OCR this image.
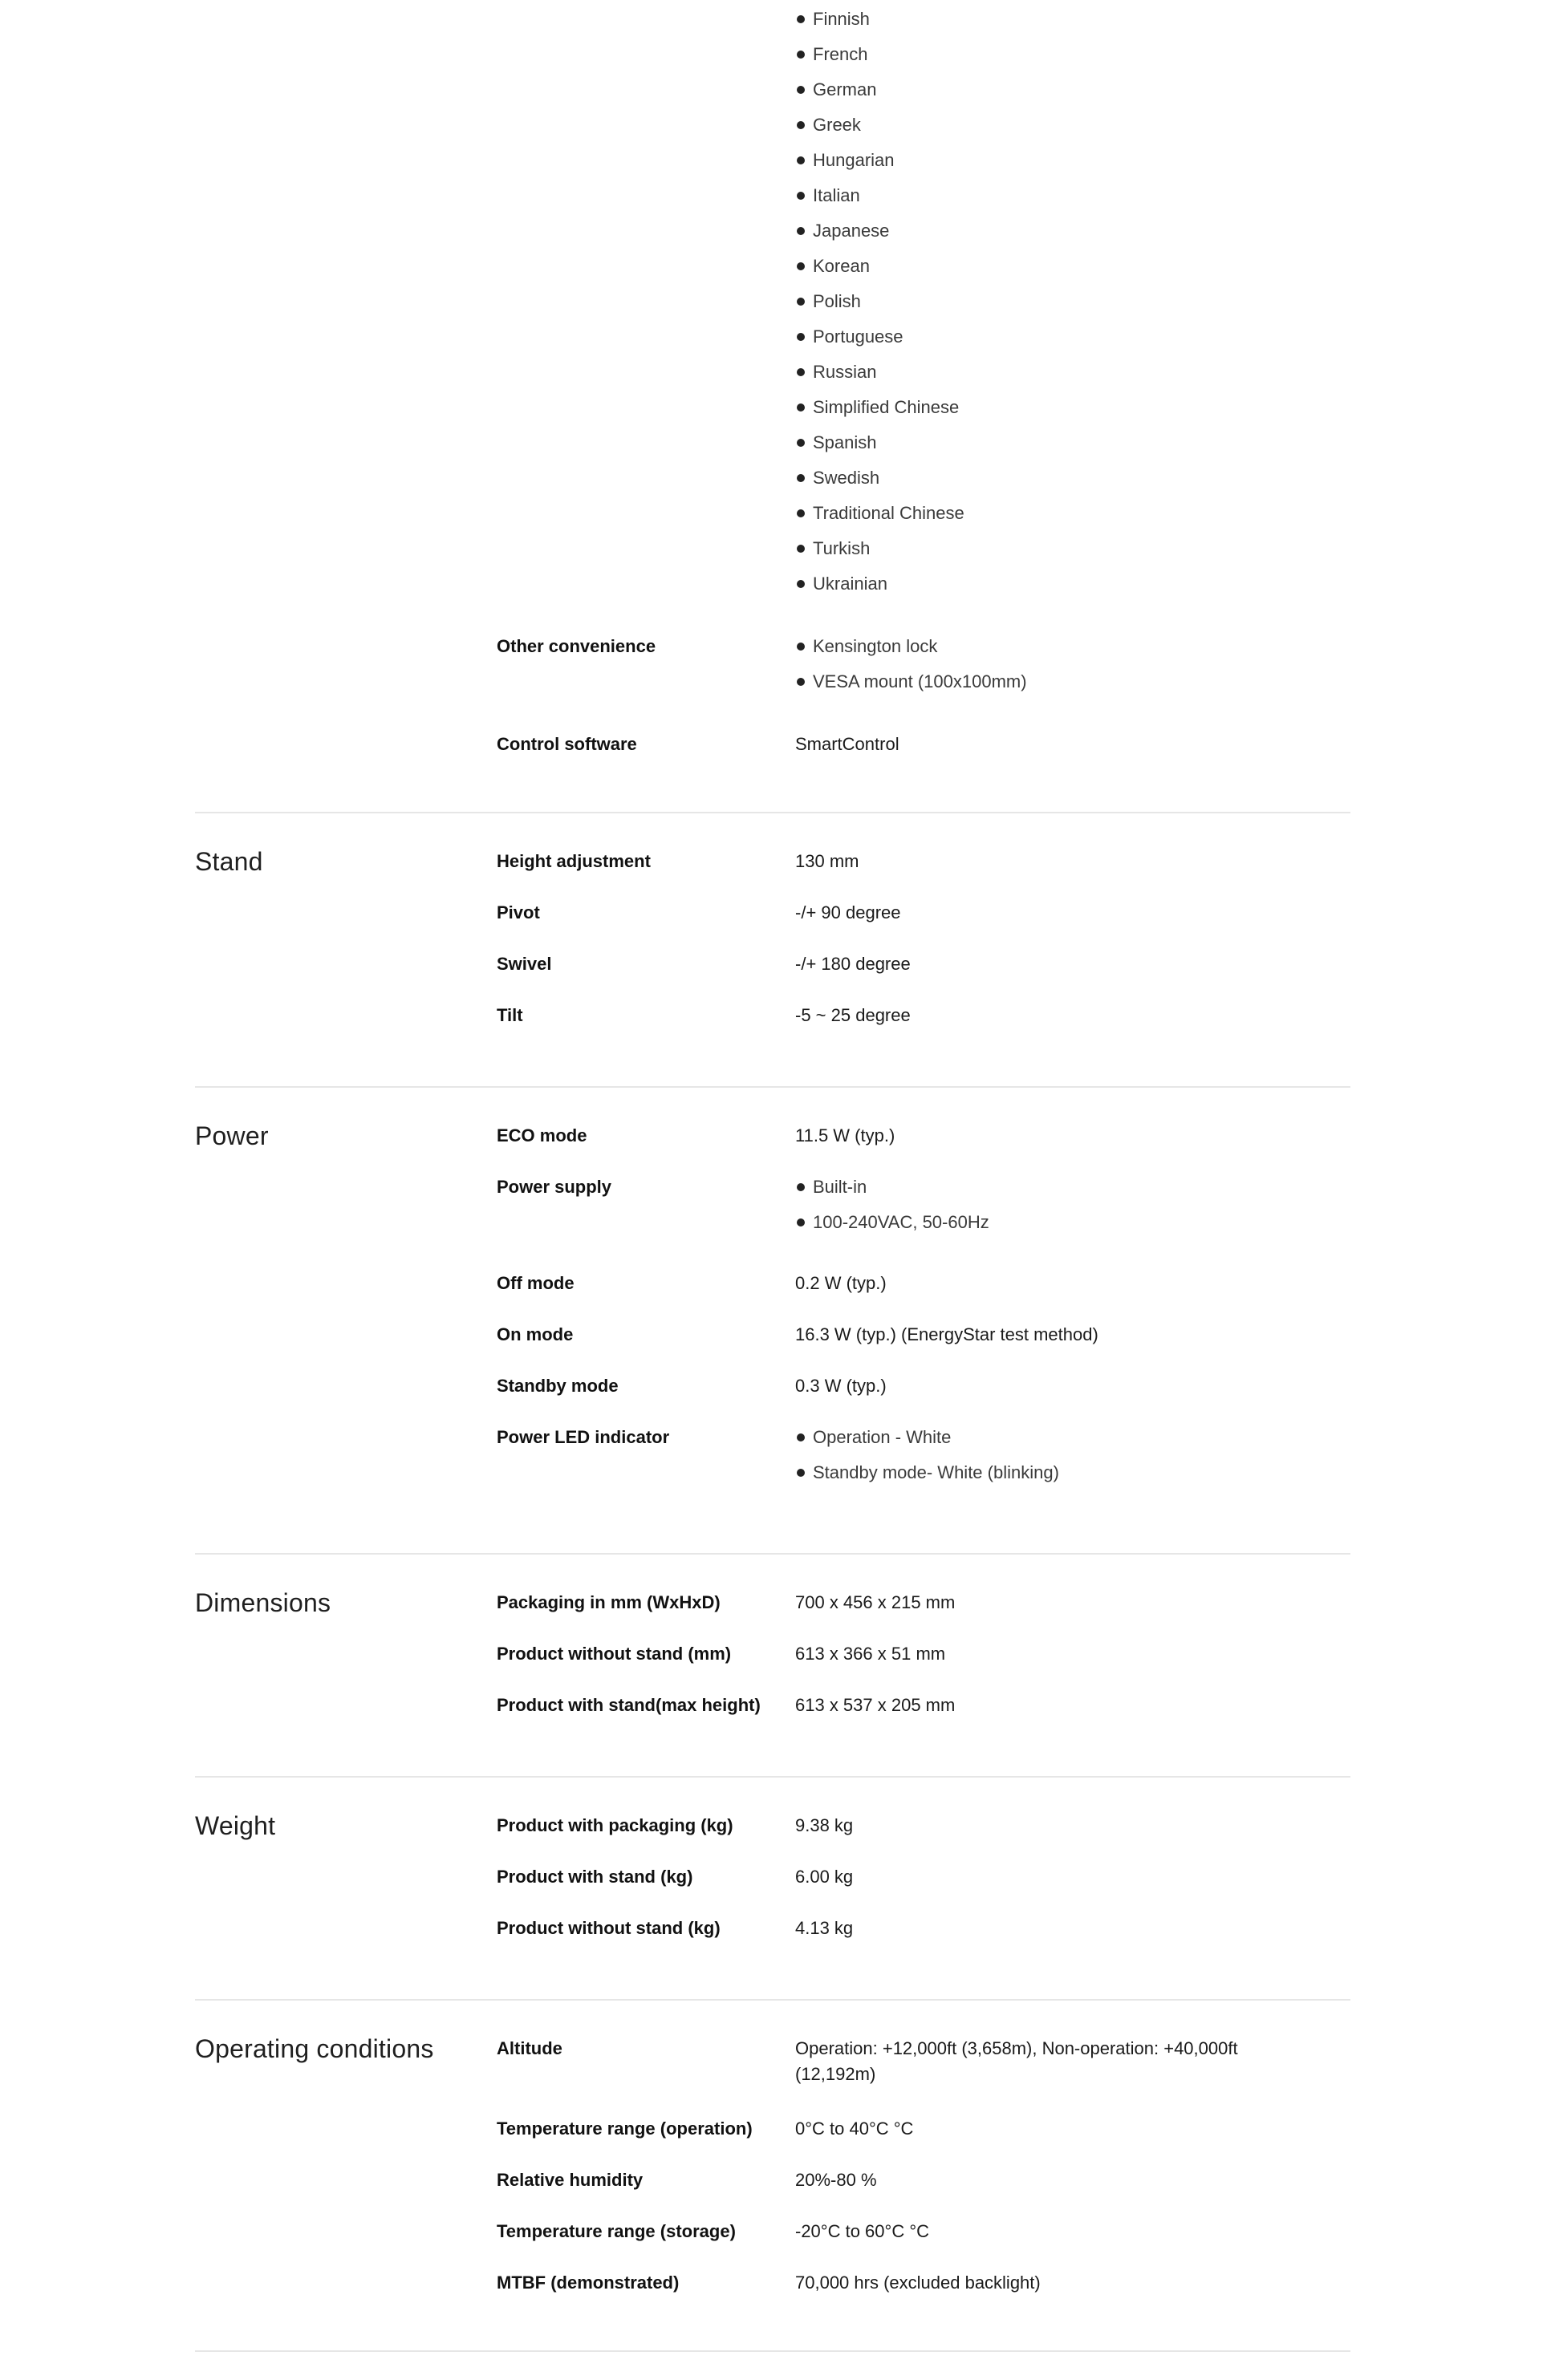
Finnish
French
German
Greek
Hungarian
Italian
Japanese
Korean
Polish
Portuguese
Russian
Simplified Chinese
Spanish
Swedish
Traditional Chinese
Turkish
Ukrainian
Other convenience	Kensington lock
VESA mount (100x100mm)
Control software	SmartControl
Stand	Height adjustment	130 mm
Pivot	-/+ 90 degree
Swivel	-/+ 180 degree
Tilt	-5 ~ 25 degree
Power	ECO mode	11.5 W (typ.)
Power supply	Built-in
100-240VAC, 50-60Hz
Off mode	0.2 W (typ.)
On mode	16.3 W (typ.) (EnergyStar test method)
Standby mode	0.3 W (typ.)
Power LED indicator	Operation - White
Standby mode- White (blinking)
Dimensions	Packaging in mm (WxHxD)	700 x 456 x 215 mm
Product without stand (mm)	613 x 366 x 51 mm
Product with stand(max height)	613 x 537 x 205 mm
Weight	Product with packaging (kg)	9.38 kg
Product with stand (kg)	6.00 kg
Product without stand (kg)	4.13 kg
Operating conditions	Altitude	Operation: +12,000ft (3,658m), Non-operation: +40,000ft (12,192m)
Temperature range (operation)	0°C to 40°C °C
Relative humidity	20%-80 %
Temperature range (storage)	-20°C to 60°C °C
MTBF (demonstrated)	70,000 hrs (excluded backlight)
